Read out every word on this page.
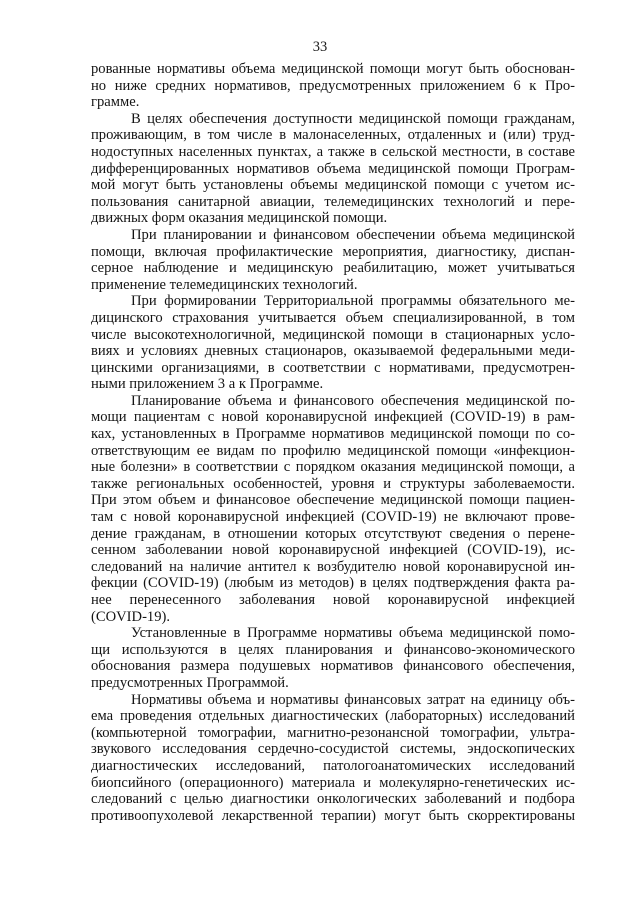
33
рованные нормативы объема медицинской помощи могут быть обоснован-
но ниже средних нормативов, предусмотренных приложением 6 к Про-
грамме.
В целях обеспечения доступности медицинской помощи гражданам,
проживающим, в том числе в малонаселенных, отдаленных и (или) труд-
нодоступных населенных пунктах, а также в сельской местности, в составе
дифференцированных нормативов объема медицинской помощи Програм-
мой могут быть установлены объемы медицинской помощи с учетом ис-
пользования санитарной авиации, телемедицинских технологий и пере-
движных форм оказания медицинской помощи.
При планировании и финансовом обеспечении объема медицинской
помощи, включая профилактические мероприятия, диагностику, диспан-
серное наблюдение и медицинскую реабилитацию, может учитываться
применение телемедицинских технологий.
При формировании Территориальной программы обязательного ме-
дицинского страхования учитывается объем специализированной, в том
числе высокотехнологичной, медицинской помощи в стационарных усло-
виях и условиях дневных стационаров, оказываемой федеральными меди-
цинскими организациями, в соответствии с нормативами, предусмотрен-
ными приложением 3 а к Программе.
Планирование объема и финансового обеспечения медицинской по-
мощи пациентам с новой коронавирусной инфекцией (COVID-19) в рам-
ках, установленных в Программе нормативов медицинской помощи по со-
ответствующим ее видам по профилю медицинской помощи «инфекцион-
ные болезни» в соответствии с порядком оказания медицинской помощи, а
также региональных особенностей, уровня и структуры заболеваемости.
При этом объем и финансовое обеспечение медицинской помощи пациен-
там с новой коронавирусной инфекцией (COVID-19) не включают прове-
дение гражданам, в отношении которых отсутствуют сведения о перене-
сенном заболевании новой коронавирусной инфекцией (COVID-19), ис-
следований на наличие антител к возбудителю новой коронавирусной ин-
фекции (COVID-19) (любым из методов) в целях подтверждения факта ра-
нее перенесенного заболевания новой коронавирусной инфекцией
(COVID-19).
Установленные в Программе нормативы объема медицинской помо-
щи используются в целях планирования и финансово-экономического
обоснования размера подушевых нормативов финансового обеспечения,
предусмотренных Программой.
Нормативы объема и нормативы финансовых затрат на единицу объ-
ема проведения отдельных диагностических (лабораторных) исследований
(компьютерной томографии, магнитно-резонансной томографии, ультра-
звукового исследования сердечно-сосудистой системы, эндоскопических
диагностических исследований, патологоанатомических исследований
биопсийного (операционного) материала и молекулярно-генетических ис-
следований с целью диагностики онкологических заболеваний и подбора
противоопухолевой лекарственной терапии) могут быть скорректированы
